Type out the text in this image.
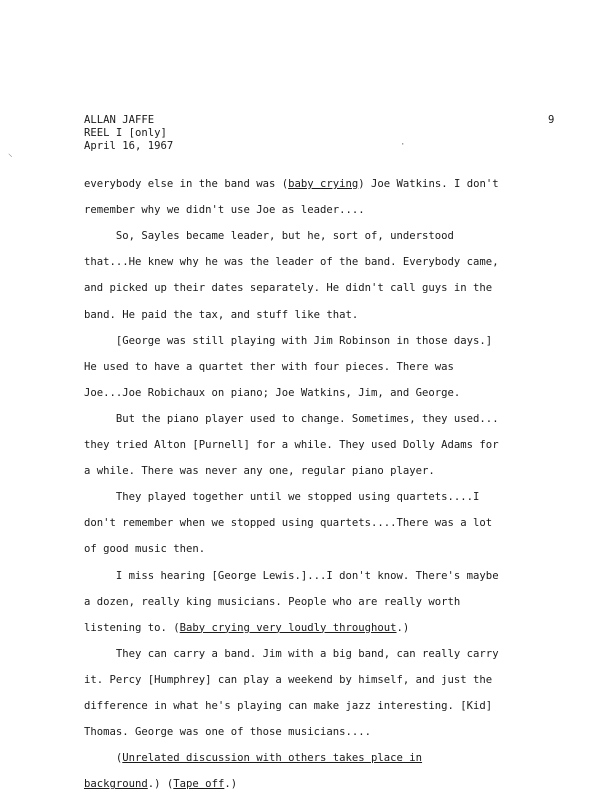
ALLAN JAFFE
REEL I [only]
April 16, 1967
9
⸌
·
everybody else in the band was (baby crying) Joe Watkins. I don't
remember why we didn't use Joe as leader....
So, Sayles became leader, but he, sort of, understood
that...He knew why he was the leader of the band. Everybody came,
and picked up their dates separately. He didn't call guys in the
band. He paid the tax, and stuff like that.
[George was still playing with Jim Robinson in those days.]
He used to have a quartet ther with four pieces. There was
Joe...Joe Robichaux on piano; Joe Watkins, Jim, and George.
But the piano player used to change. Sometimes, they used...
they tried Alton [Purnell] for a while. They used Dolly Adams for
a while. There was never any one, regular piano player.
They played together until we stopped using quartets....I
don't remember when we stopped using quartets....There was a lot
of good music then.
I miss hearing [George Lewis.]...I don't know. There's maybe
a dozen, really king musicians. People who are really worth
listening to. (Baby crying very loudly throughout.)
They can carry a band. Jim with a big band, can really carry
it. Percy [Humphrey] can play a weekend by himself, and just the
difference in what he's playing can make jazz interesting. [Kid]
Thomas. George was one of those musicians....
(Unrelated discussion with others takes place in
background.) (Tape off.)
